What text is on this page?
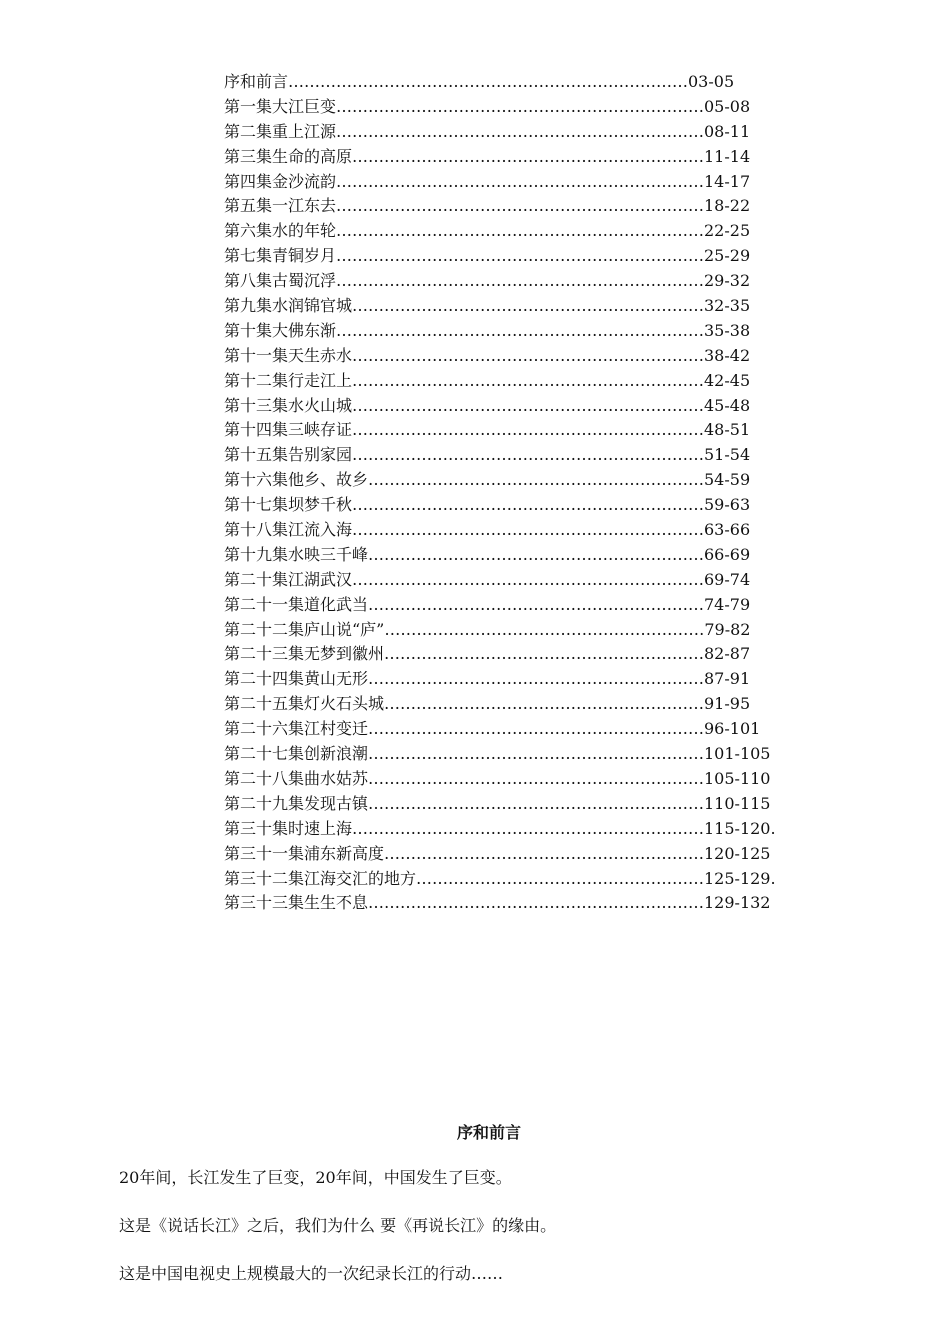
序和前言…………………………………………………………………03-05
第一集大江巨变……………………………………………………………05-08
第二集重上江源……………………………………………………………08-11
第三集生命的高原…………………………………………………………11-14
第四集金沙流韵……………………………………………………………14-17
第五集一江东去……………………………………………………………18-22
第六集水的年轮……………………………………………………………22-25
第七集青铜岁月……………………………………………………………25-29
第八集古蜀沉浮……………………………………………………………29-32
第九集水润锦官城…………………………………………………………32-35
第十集大佛东渐……………………………………………………………35-38
第十一集天生赤水…………………………………………………………38-42
第十二集行走江上…………………………………………………………42-45
第十三集水火山城…………………………………………………………45-48
第十四集三峡存证…………………………………………………………48-51
第十五集告别家园…………………………………………………………51-54
第十六集他乡、故乡………………………………………………………54-59
第十七集坝梦千秋…………………………………………………………59-63
第十八集江流入海…………………………………………………………63-66
第十九集水映三千峰………………………………………………………66-69
第二十集江湖武汉…………………………………………………………69-74
第二十一集道化武当………………………………………………………74-79
第二十二集庐山说“庐”……………………………………………………79-82
第二十三集无梦到徽州……………………………………………………82-87
第二十四集黄山无形………………………………………………………87-91
第二十五集灯火石头城……………………………………………………91-95
第二十六集江村变迁………………………………………………………96-101
第二十七集创新浪潮………………………………………………………101-105
第二十八集曲水姑苏………………………………………………………105-110
第二十九集发现古镇………………………………………………………110-115
第三十集时速上海…………………………………………………………115-120.
第三十一集浦东新高度……………………………………………………120-125
第三十二集江海交汇的地方………………………………………………125-129.
第三十三集生生不息………………………………………………………129-132
序和前言
20年间，长江发生了巨变，20年间，中国发生了巨变。
这是《说话长江》之后，我们为什么 要《再说长江》的缘由。
这是中国电视史上规模最大的一次纪录长江的行动……
